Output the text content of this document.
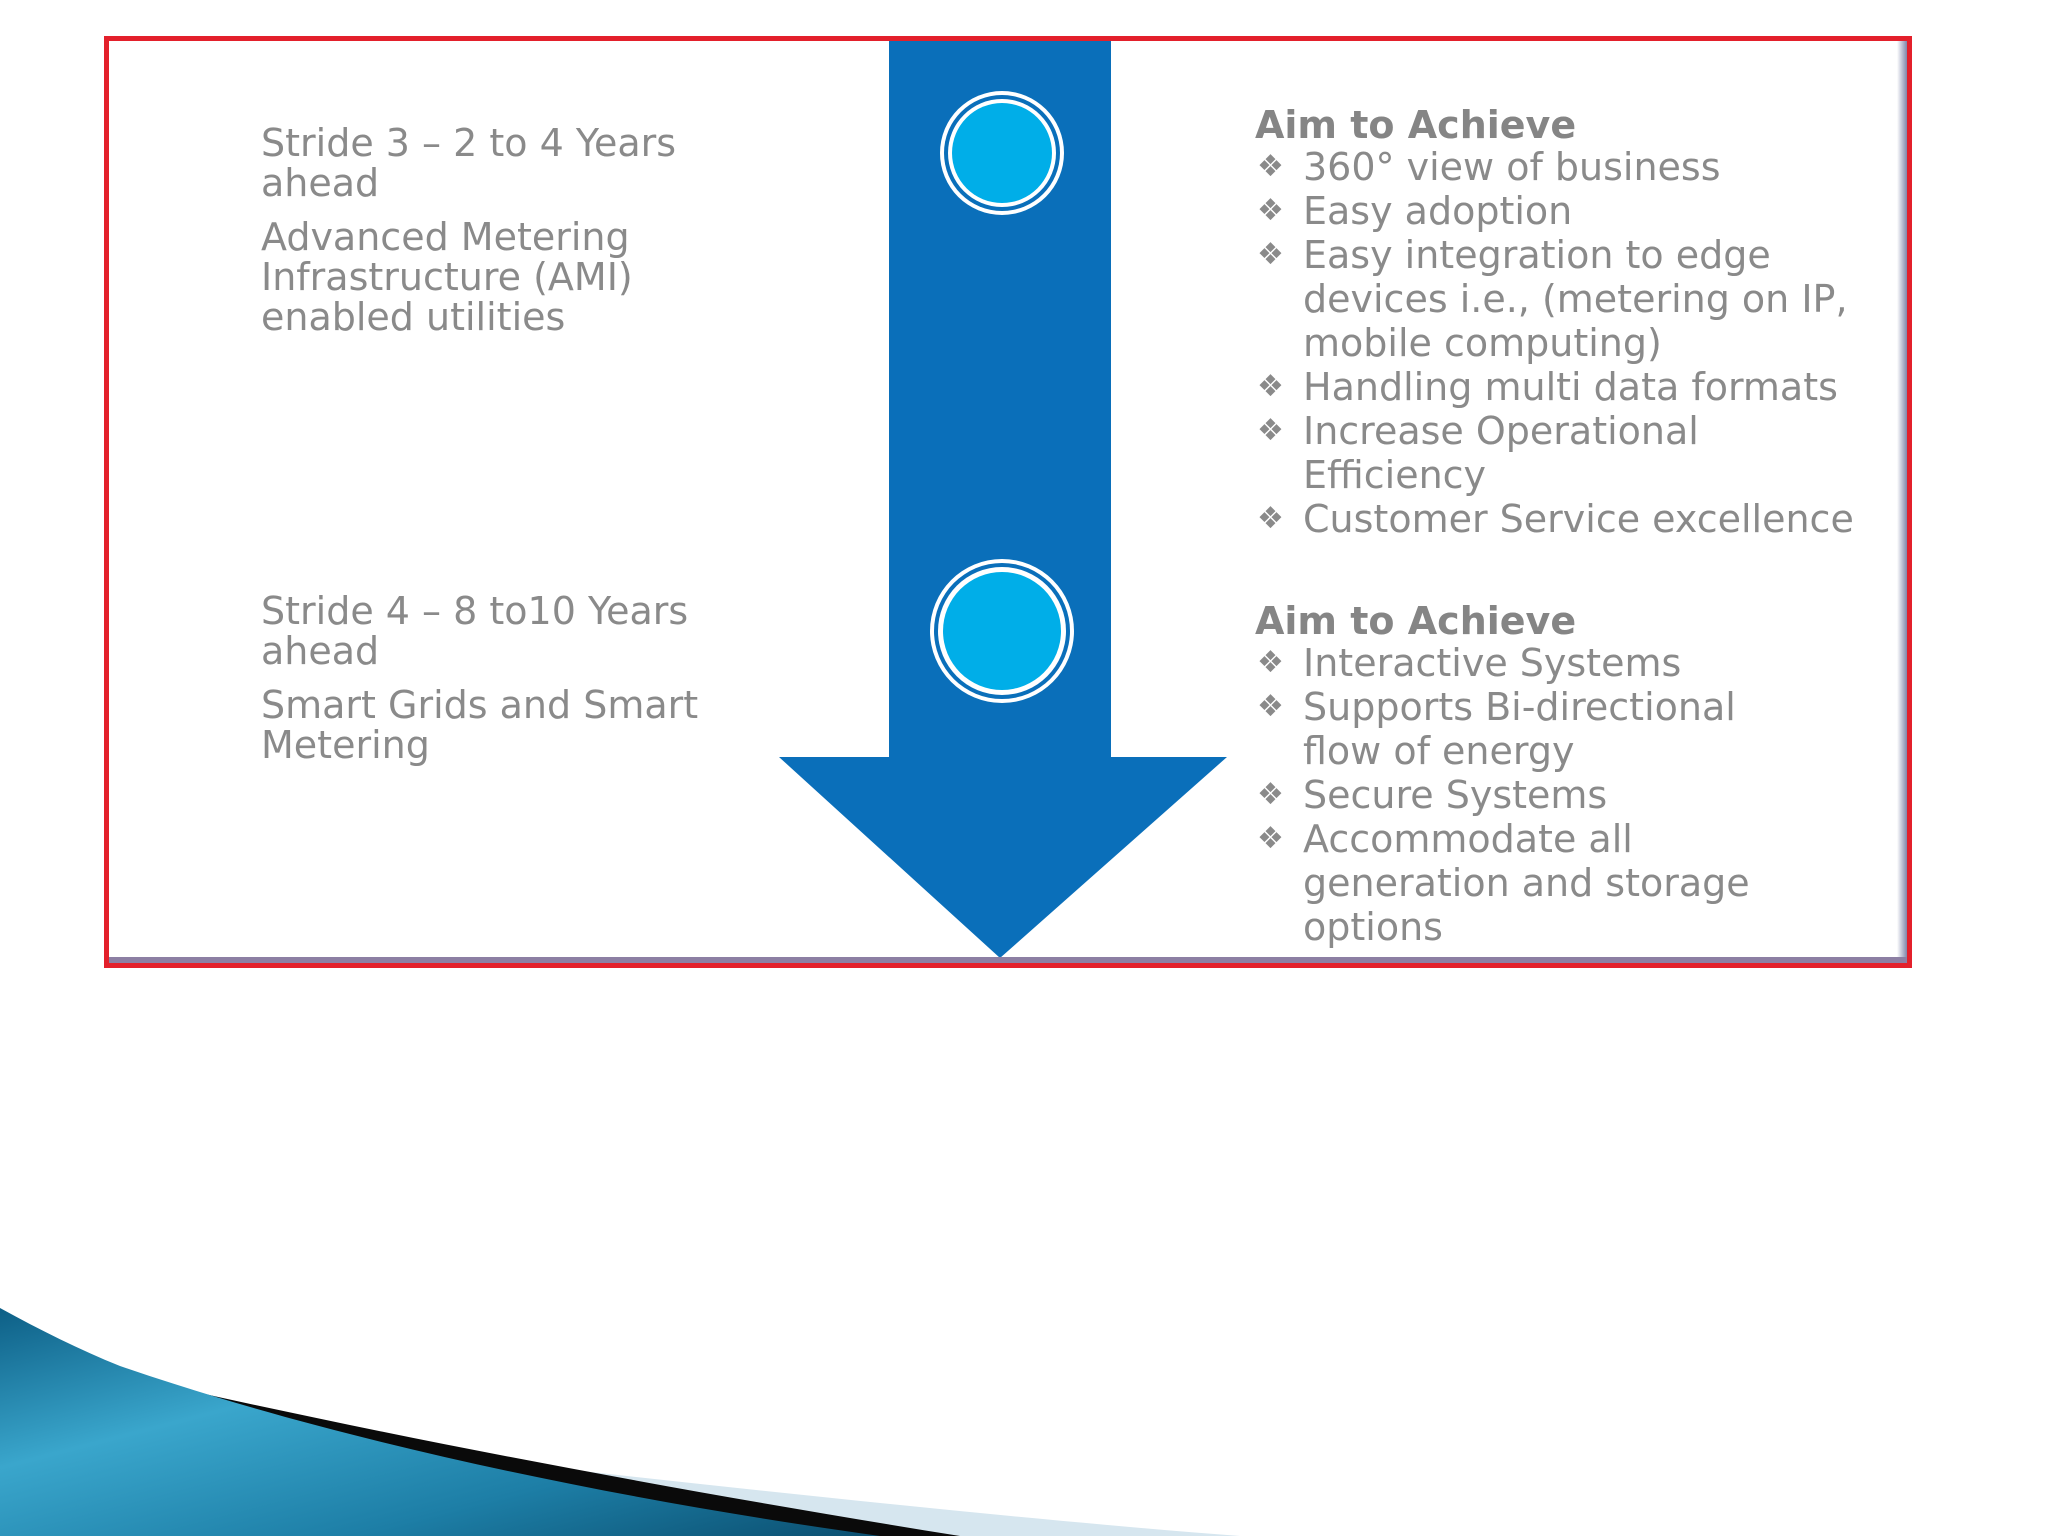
Stride 3 – 2 to 4 Years
ahead
Advanced Metering
Infrastructure (AMI)
enabled utilities
Stride 4 – 8 to10 Years
ahead
Smart Grids and Smart
Metering
Aim to Achieve
❖ 360° view of business
❖ Easy adoption
❖ Easy integration to edge
devices i.e., (metering on IP,
mobile computing)
❖ Handling multi data formats
❖ Increase Operational
Efficiency
❖ Customer Service excellence
Aim to Achieve
❖ Interactive Systems
❖ Supports Bi-directional
flow of energy
❖ Secure Systems
❖ Accommodate all
generation and storage
options
